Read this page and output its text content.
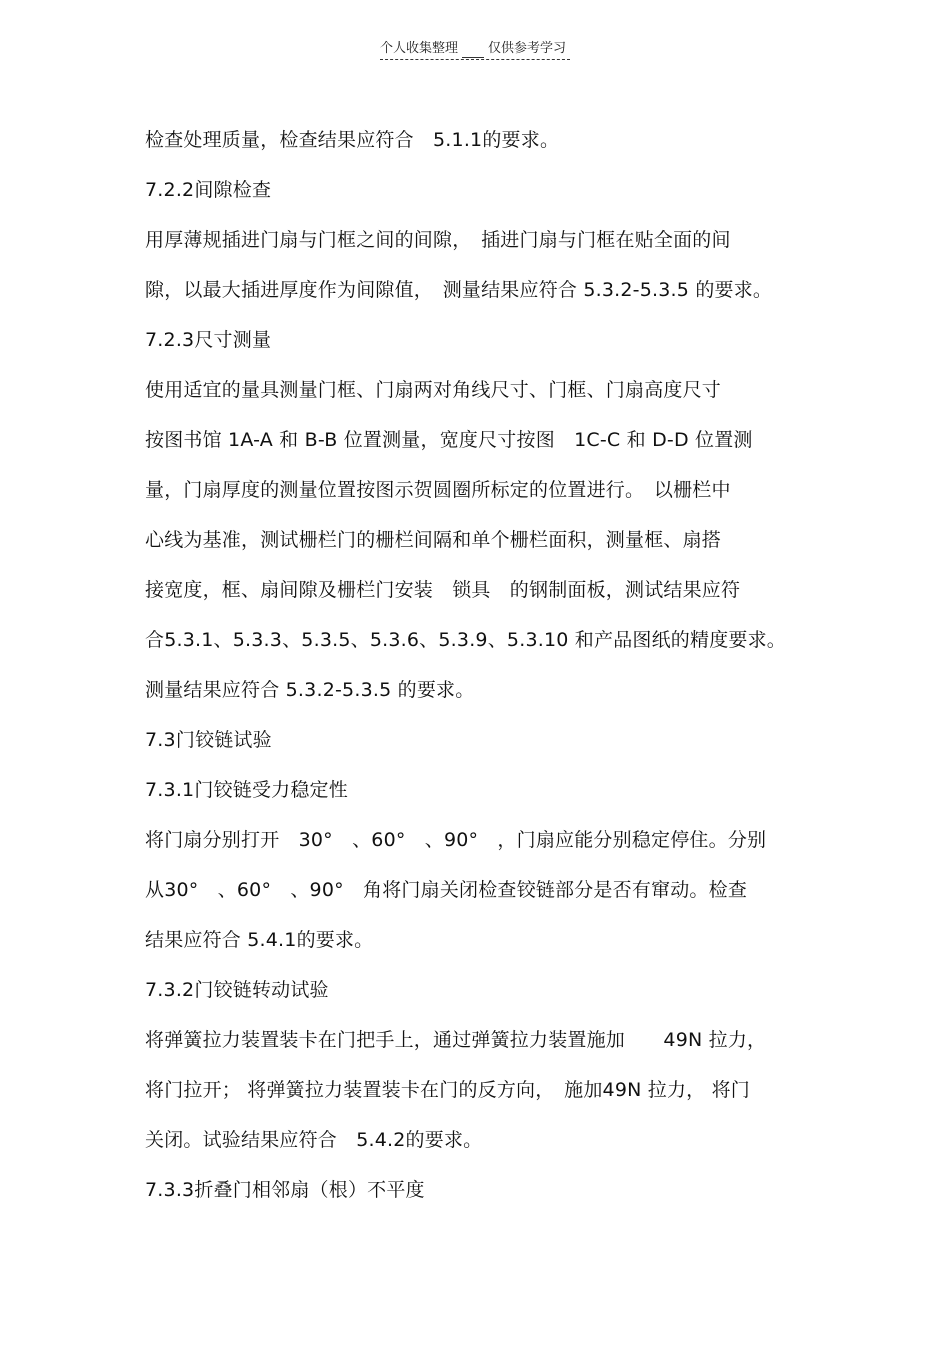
个人收集整理 仅供参考学习
检查处理质量，检查结果应符合　5.1.1的要求。
7.2.2间隙检查
用厚薄规插进门扇与门框之间的间隙，　插进门扇与门框在贴全面的间
隙，以最大插进厚度作为间隙值，　测量结果应符合 5.3.2-5.3.5 的要求。
7.2.3尺寸测量
使用适宜的量具测量门框、门扇两对角线尺寸、门框、门扇高度尺寸
按图书馆 1A-A 和 B-B 位置测量，宽度尺寸按图　1C-C 和 D-D 位置测
量，门扇厚度的测量位置按图示贺圆圈所标定的位置进行。　以栅栏中
心线为基准，测试栅栏门的栅栏间隔和单个栅栏面积，测量框、扇搭
接宽度，框、扇间隙及栅栏门安装　锁具　的钢制面板，测试结果应符
合5.3.1、5.3.3、5.3.5、5.3.6、5.3.9、5.3.10 和产品图纸的精度要求。
测量结果应符合 5.3.2-5.3.5 的要求。
7.3门铰链试验
7.3.1门铰链受力稳定性
将门扇分别打开　30°　、60°　、90°　，门扇应能分别稳定停住。分别
从30°　、60°　、90°　角将门扇关闭检查铰链部分是否有窜动。检查
结果应符合 5.4.1的要求。
7.3.2门铰链转动试验
将弹簧拉力装置装卡在门把手上，通过弹簧拉力装置施加　　49N 拉力，
将门拉开； 将弹簧拉力装置装卡在门的反方向，　施加49N 拉力， 将门
关闭。试验结果应符合　5.4.2的要求。
7.3.3折叠门相邻扇（根）不平度
